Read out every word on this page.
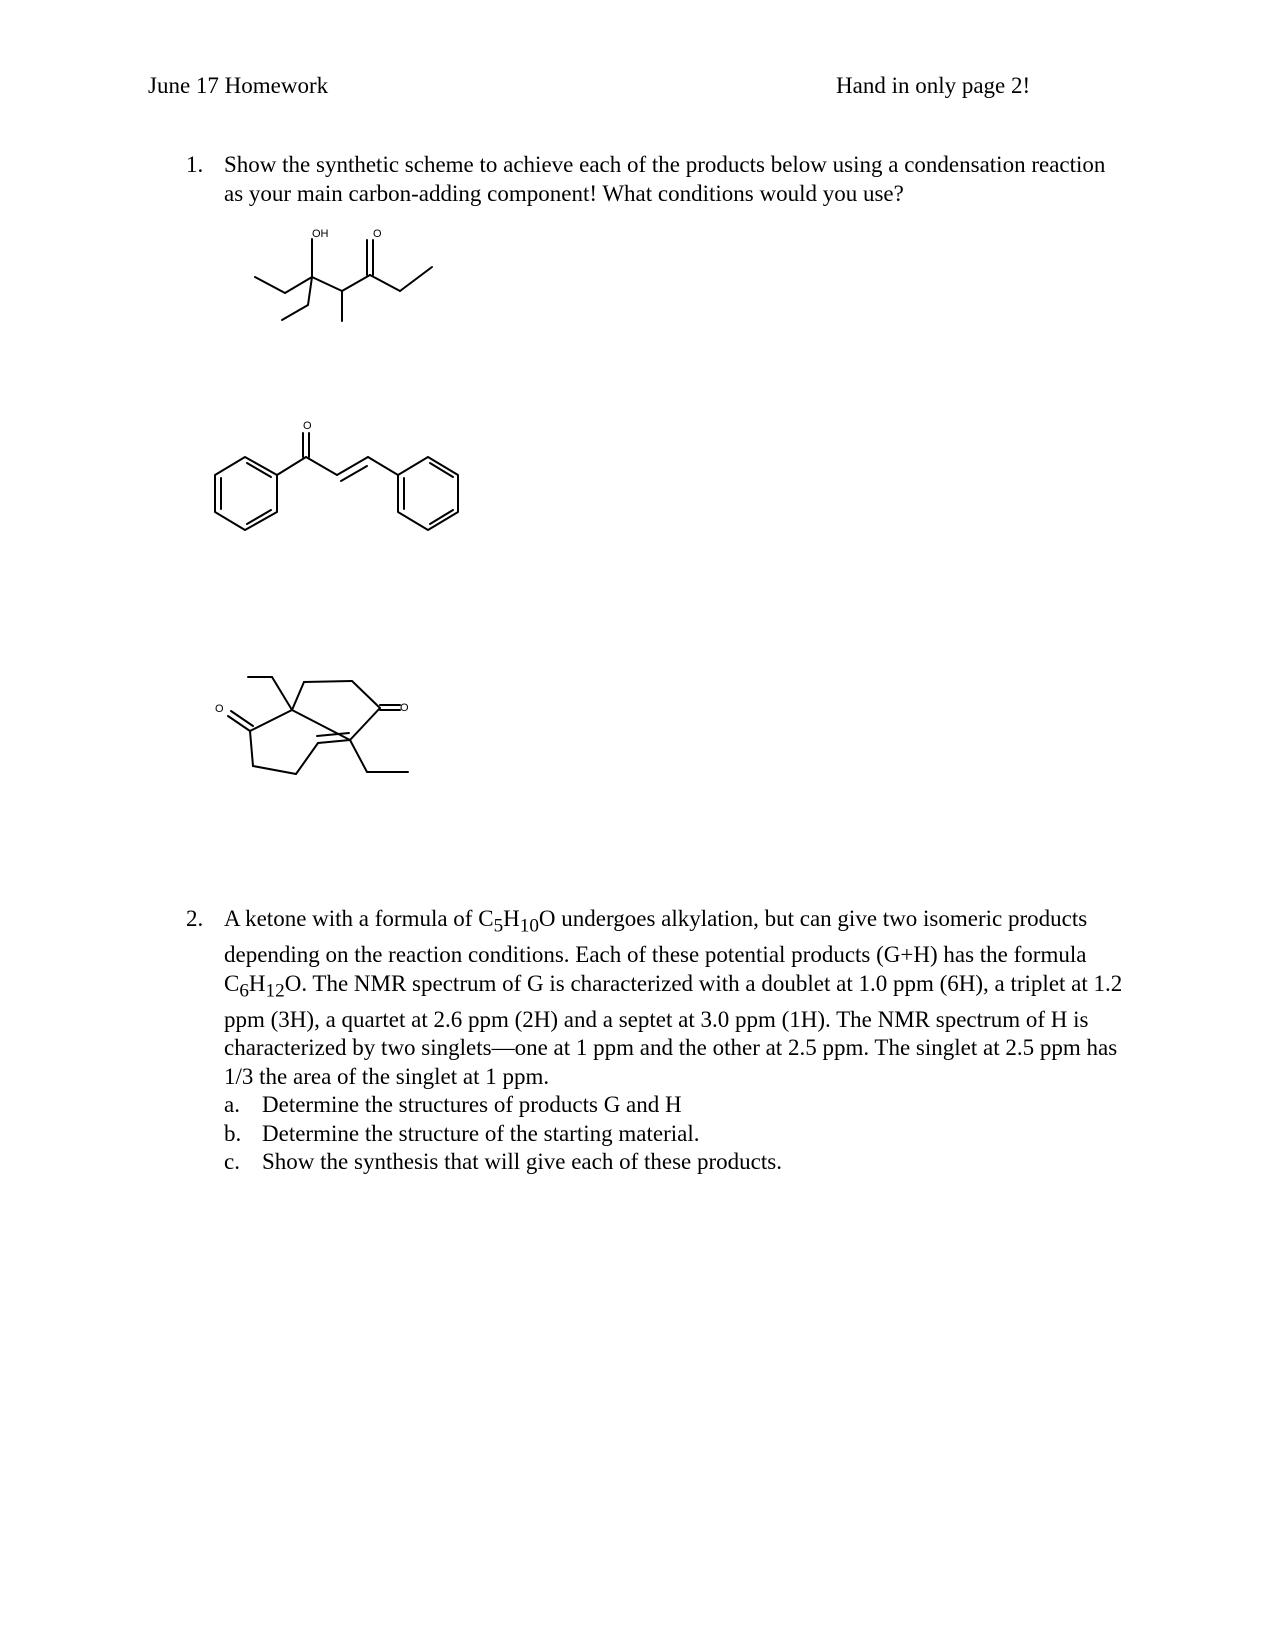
June 17 Homework	Hand in only page 2!
1. Show the synthetic scheme to achieve each of the products below using a condensation reaction as your main carbon-adding component! What conditions would you use?
OH	O
O
O	O
2. A ketone with a formula of $C_5H_{10}O$ undergoes alkylation, but can give two isomeric products depending on the reaction conditions. Each of these potential products (G+H) has the formula $C_6H_{12}O$. The NMR spectrum of G is characterized with a doublet at 1.0 ppm (6H), a triplet at 1.2 ppm (3H), a quartet at 2.6 ppm (2H) and a septet at 3.0 ppm (1H). The NMR spectrum of H is characterized by two singlets—one at 1 ppm and the other at 2.5 ppm. The singlet at 2.5 ppm has 1/3 the area of the singlet at 1 ppm.
a. Determine the structures of products G and H
b. Determine the structure of the starting material.
c. Show the synthesis that will give each of these products.
